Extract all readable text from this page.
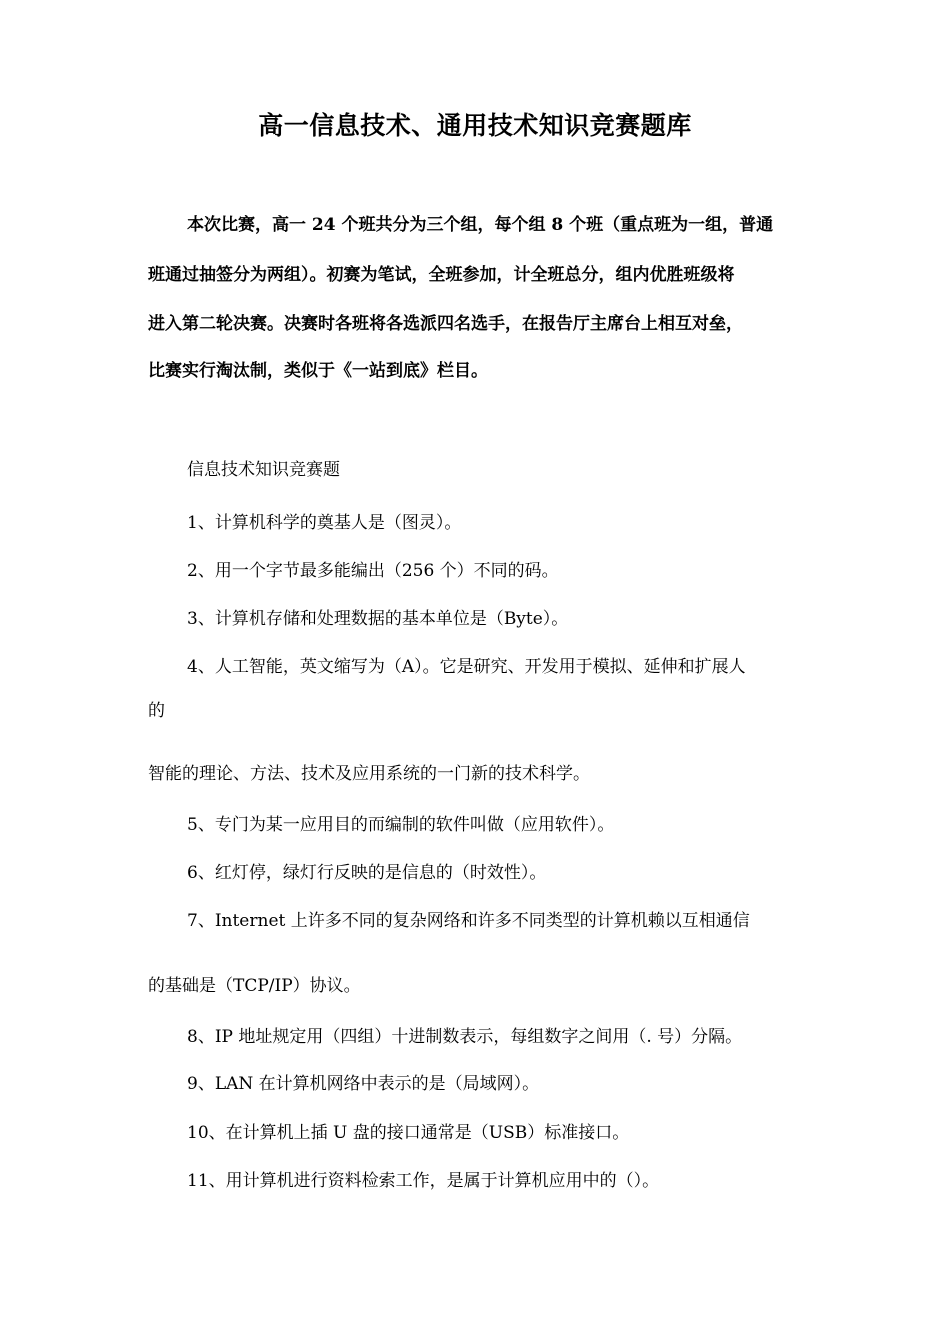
高一信息技术、通用技术知识竞赛题库
本次比赛，高一 24 个班共分为三个组，每个组 8 个班（重点班为一组，普通
班通过抽签分为两组）。初赛为笔试，全班参加，计全班总分，组内优胜班级将
进入第二轮决赛。决赛时各班将各选派四名选手，在报告厅主席台上相互对垒，
比赛实行淘汰制，类似于《一站到底》栏目。
信息技术知识竞赛题
1、计算机科学的奠基人是（图灵）。
2、用一个字节最多能编出（256 个）不同的码。
3、计算机存储和处理数据的基本单位是（Byte）。
4、人工智能，英文缩写为（A）。它是研究、开发用于模拟、延伸和扩展人
的
智能的理论、方法、技术及应用系统的一门新的技术科学。
5、专门为某一应用目的而编制的软件叫做（应用软件）。
6、红灯停，绿灯行反映的是信息的（时效性）。
7、Internet 上许多不同的复杂网络和许多不同类型的计算机赖以互相通信
的基础是（TCP/IP）协议。
8、IP 地址规定用（四组）十进制数表示，每组数字之间用（. 号）分隔。
9、LAN 在计算机网络中表示的是（局域网）。
10、在计算机上插 U 盘的接口通常是（USB）标准接口。
11、用计算机进行资料检索工作，是属于计算机应用中的（）。
